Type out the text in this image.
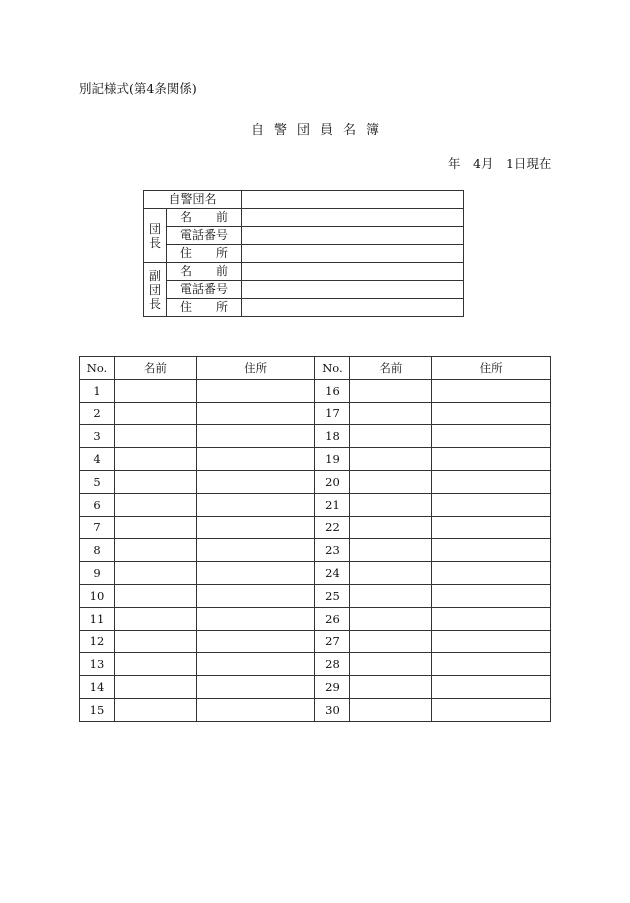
別記様式(第4条関係)
自 警 団 員 名 簿
年　4月　1日現在
自警団名		

団
長	名　　前	
	電話番号	
	住　　所	

副
団
長	名　　前	
	電話番号	
	住　　所	
No.	名前	住所	No.	名前	住所
1			16		
2			17		
3			18		
4			19		
5			20		
6			21		
7			22		
8			23		
9			24		
10			25		
11			26		
12			27		
13			28		
14			29		
15			30		
